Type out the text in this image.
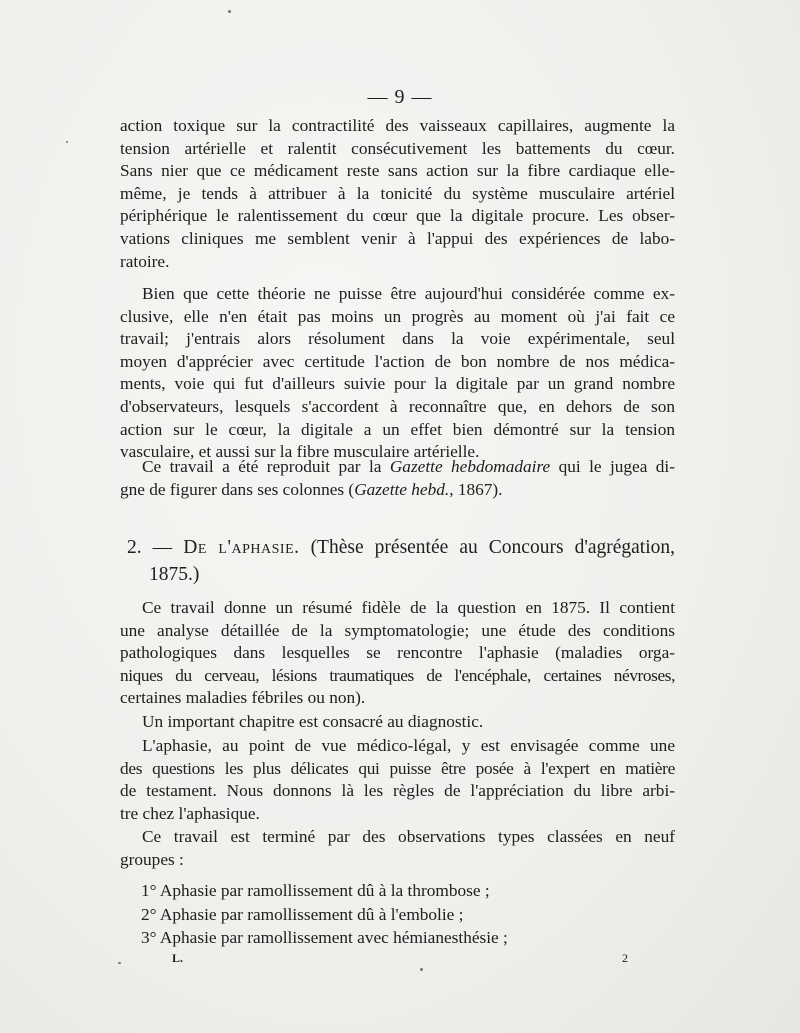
— 9 —
action toxique sur la contractilité des vaisseaux capillaires, augmente la
tension artérielle et ralentit consécutivement les battements du cœur.
Sans nier que ce médicament reste sans action sur la fibre cardiaque elle-
même, je tends à attribuer à la tonicité du système musculaire artériel
périphérique le ralentissement du cœur que la digitale procure. Les obser-
vations cliniques me semblent venir à l'appui des expériences de labo-
ratoire.
Bien que cette théorie ne puisse être aujourd'hui considérée comme ex-
clusive, elle n'en était pas moins un progrès au moment où j'ai fait ce
travail; j'entrais alors résolument dans la voie expérimentale, seul
moyen d'apprécier avec certitude l'action de bon nombre de nos médica-
ments, voie qui fut d'ailleurs suivie pour la digitale par un grand nombre
d'observateurs, lesquels s'accordent à reconnaître que, en dehors de son
action sur le cœur, la digitale a un effet bien démontré sur la tension
vasculaire, et aussi sur la fibre musculaire artérielle.
Ce travail a été reproduit par la Gazette hebdomadaire qui le jugea di-
gne de figurer dans ses colonnes (Gazette hebd., 1867).
2. — De l'aphasie. (Thèse présentée au Concours d'agrégation,
1875.)
Ce travail donne un résumé fidèle de la question en 1875. Il contient
une analyse détaillée de la symptomatologie; une étude des conditions
pathologiques dans lesquelles se rencontre l'aphasie (maladies orga-
niques du cerveau, lésions traumatiques de l'encéphale, certaines névroses,
certaines maladies fébriles ou non).
Un important chapitre est consacré au diagnostic.
L'aphasie, au point de vue médico-légal, y est envisagée comme une
des questions les plus délicates qui puisse être posée à l'expert en matière
de testament. Nous donnons là les règles de l'appréciation du libre arbi-
tre chez l'aphasique.
Ce travail est terminé par des observations types classées en neuf
groupes :
1° Aphasie par ramollissement dû à la thrombose ;
2° Aphasie par ramollissement dû à l'embolie ;
3° Aphasie par ramollissement avec hémianesthésie ;
L.	2
